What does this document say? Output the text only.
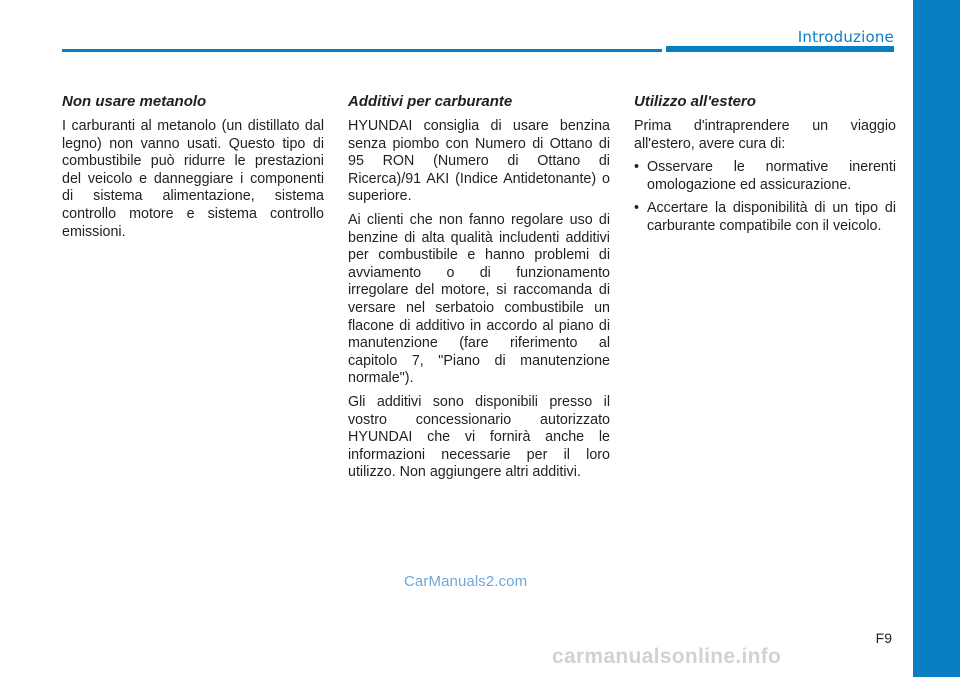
Introduzione
Non usare metanolo

I carburanti al metanolo (un distillato dal legno) non vanno usati. Questo tipo di combustibile può ridurre le prestazioni del veicolo e danneggiare i componenti di sistema alimentazione, sistema controllo motore e sistema controllo emissioni.

Additivi per carburante

HYUNDAI consiglia di usare benzina senza piombo con Numero di Ottano di 95 RON (Numero di Ottano di Ricerca)/91 AKI (Indice Antidetonante) o superiore.

Ai clienti che non fanno regolare uso di benzine di alta qualità includenti additivi per combustibile e hanno problemi di avviamento o di funzionamento irregolare del motore, si raccomanda di versare nel serbatoio combustibile un flacone di additivo in accordo al piano di manutenzione (fare riferimento al capitolo 7, "Piano di manutenzione normale").

Gli additivi sono disponibili presso il vostro concessionario autorizzato HYUNDAI che vi fornirà anche le informazioni necessarie per il loro utilizzo. Non aggiungere altri additivi.

Utilizzo all'estero

Prima d'intraprendere un viaggio all'estero, avere cura di:

• Osservare le normative inerenti omologazione ed assicurazione.
• Accertare la disponibilità di un tipo di carburante compatibile con il veicolo.
CarManuals2.com
F9
carmanualsonline.info
